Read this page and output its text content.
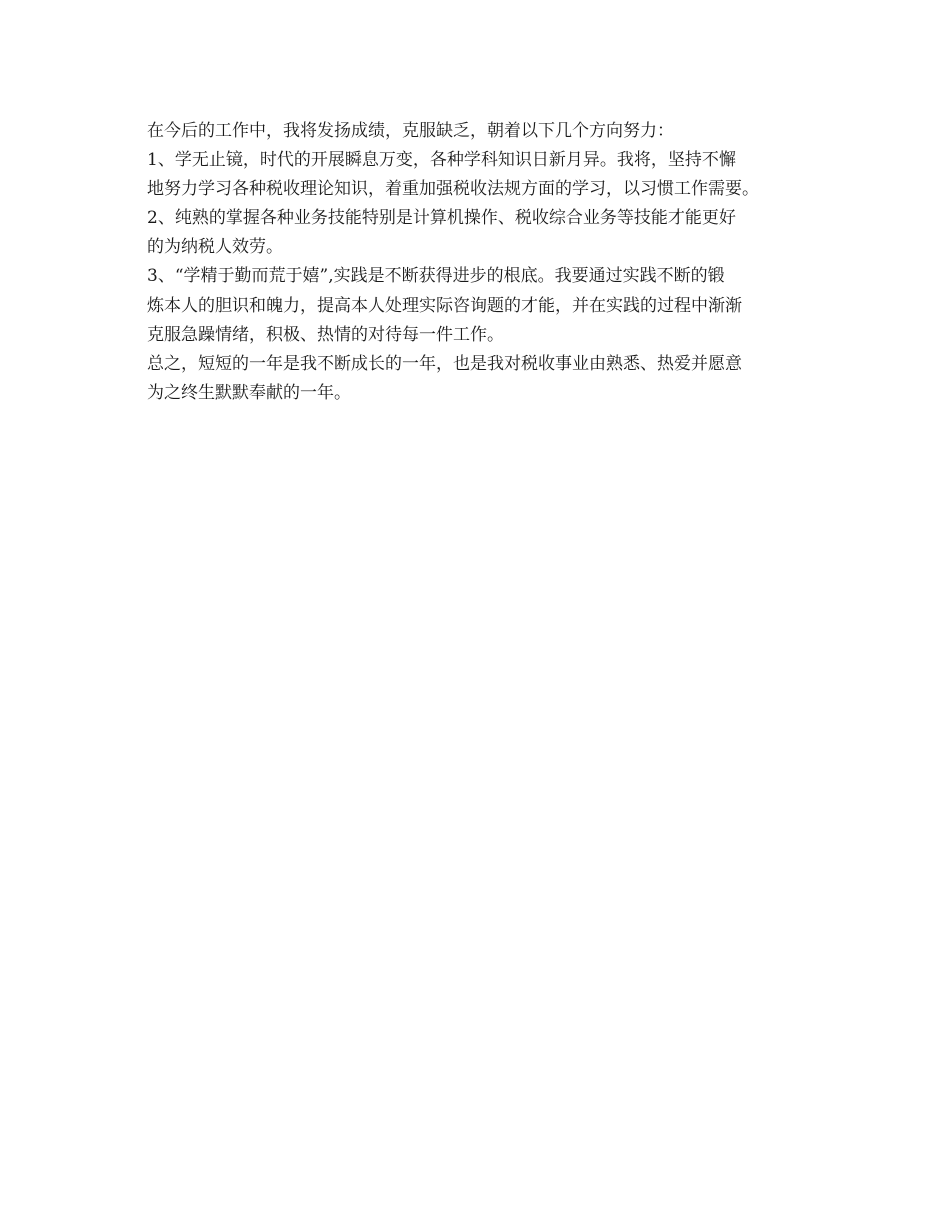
在今后的工作中，我将发扬成绩，克服缺乏，朝着以下几个方向努力：
1、学无止镜，时代的开展瞬息万变，各种学科知识日新月异。我将，坚持不懈
地努力学习各种税收理论知识，着重加强税收法规方面的学习，以习惯工作需要。
2、纯熟的掌握各种业务技能特别是计算机操作、税收综合业务等技能才能更好
的为纳税人效劳。
3、“学精于勤而荒于嬉”,实践是不断获得进步的根底。我要通过实践不断的锻
炼本人的胆识和魄力，提高本人处理实际咨询题的才能，并在实践的过程中渐渐
克服急躁情绪，积极、热情的对待每一件工作。
总之，短短的一年是我不断成长的一年，也是我对税收事业由熟悉、热爱并愿意
为之终生默默奉献的一年。
